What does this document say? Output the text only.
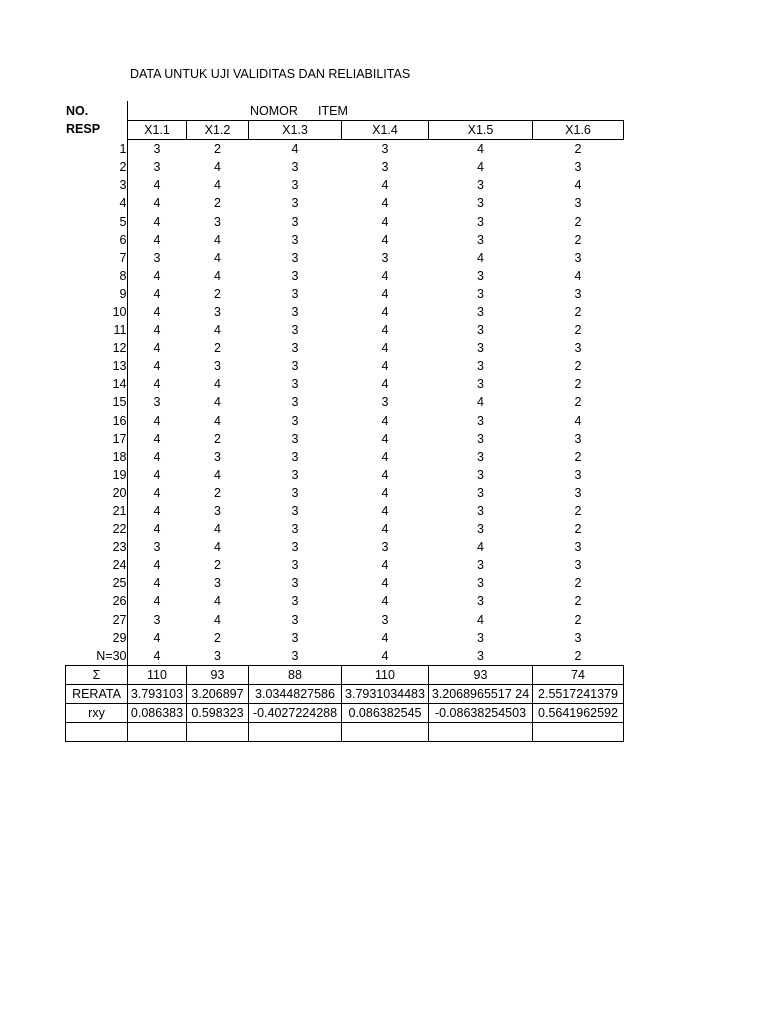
DATA UNTUK UJI VALIDITAS DAN RELIABILITAS
NO.
RESP
NOMOR ITEM
	X1.1	X1.2	X1.3	X1.4	X1.5	X1.6
1	3	2	4	3	4	2
2	3	4	3	3	4	3
3	4	4	3	4	3	4
4	4	2	3	4	3	3
5	4	3	3	4	3	2
6	4	4	3	4	3	2
7	3	4	3	3	4	3
8	4	4	3	4	3	4
9	4	2	3	4	3	3
10	4	3	3	4	3	2
11	4	4	3	4	3	2
12	4	2	3	4	3	3
13	4	3	3	4	3	2
14	4	4	3	4	3	2
15	3	4	3	3	4	2
16	4	4	3	4	3	4
17	4	2	3	4	3	3
18	4	3	3	4	3	2
19	4	4	3	4	3	3
20	4	2	3	4	3	3
21	4	3	3	4	3	2
22	4	4	3	4	3	2
23	3	4	3	3	4	3
24	4	2	3	4	3	3
25	4	3	3	4	3	2
26	4	4	3	4	3	2
27	3	4	3	3	4	2
29	4	2	3	4	3	3
N=30	4	3	3	4	3	2
Σ	110	93	88	110	93	74
RERATA	3.793103	3.206897	3.0344827586	3.7931034483	3.2068965517 24	2.5517241379
rxy	0.086383	0.598323	-0.4027224288	0.086382545	-0.08638254503	0.5641962592
